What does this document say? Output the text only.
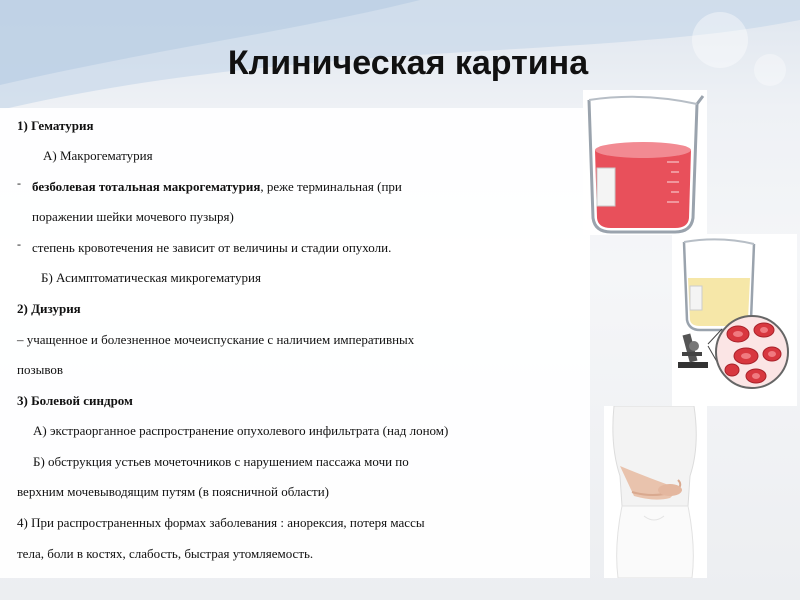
Клиническая картина
1) Гематурия
А) Макрогематурия
- безболевая тотальная макрогематурия, реже терминальная (при
поражении шейки мочевого пузыря)
- степень кровотечения не зависит от величины и стадии опухоли.
Б) Асимптоматическая микрогематурия
2) Дизурия
– учащенное и болезненное мочеиспускание с наличием императивных
позывов
3) Болевой синдром
А) экстраорганное распространение опухолевого инфильтрата (над лоном)
Б) обструкция устьев мочеточников с нарушением пассажа мочи по
верхним мочевыводящим путям (в поясничной области)
4) При распространенных формах заболевания : анорексия, потеря массы
тела, боли в костях, слабость, быстрая утомляемость.
